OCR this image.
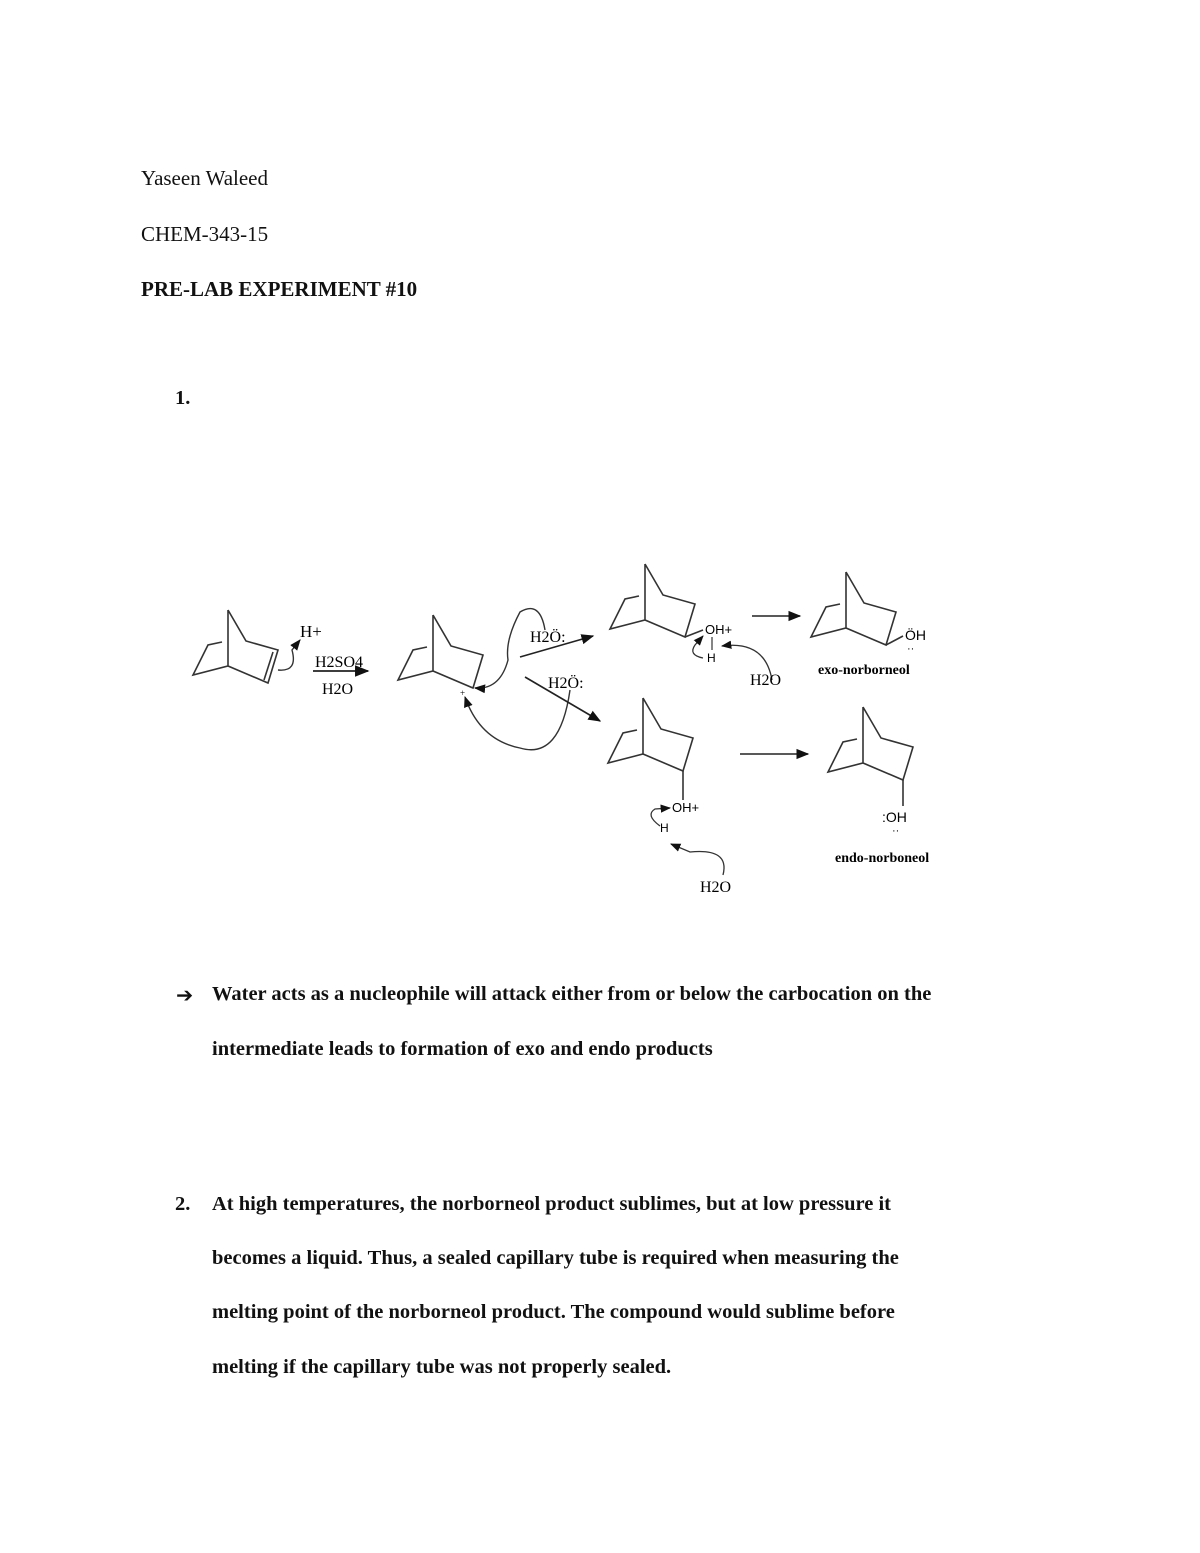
Yaseen Waleed
CHEM-343-15
PRE-LAB EXPERIMENT #10
1.
H+
H2SO4
H2O	+
H2Ö:
H2Ö:
OH+
H
H2O
ÖH
··
exo-norborneol
OH+
H
H2O
:OH
··
endo-norboneol
➔ Water acts as a nucleophile will attack either from or below the carbocation on the
intermediate leads to formation of exo and endo products
2. At high temperatures, the norborneol product sublimes, but at low pressure it
becomes a liquid. Thus, a sealed capillary tube is required when measuring the
melting point of the norborneol product. The compound would sublime before
melting if the capillary tube was not properly sealed.
